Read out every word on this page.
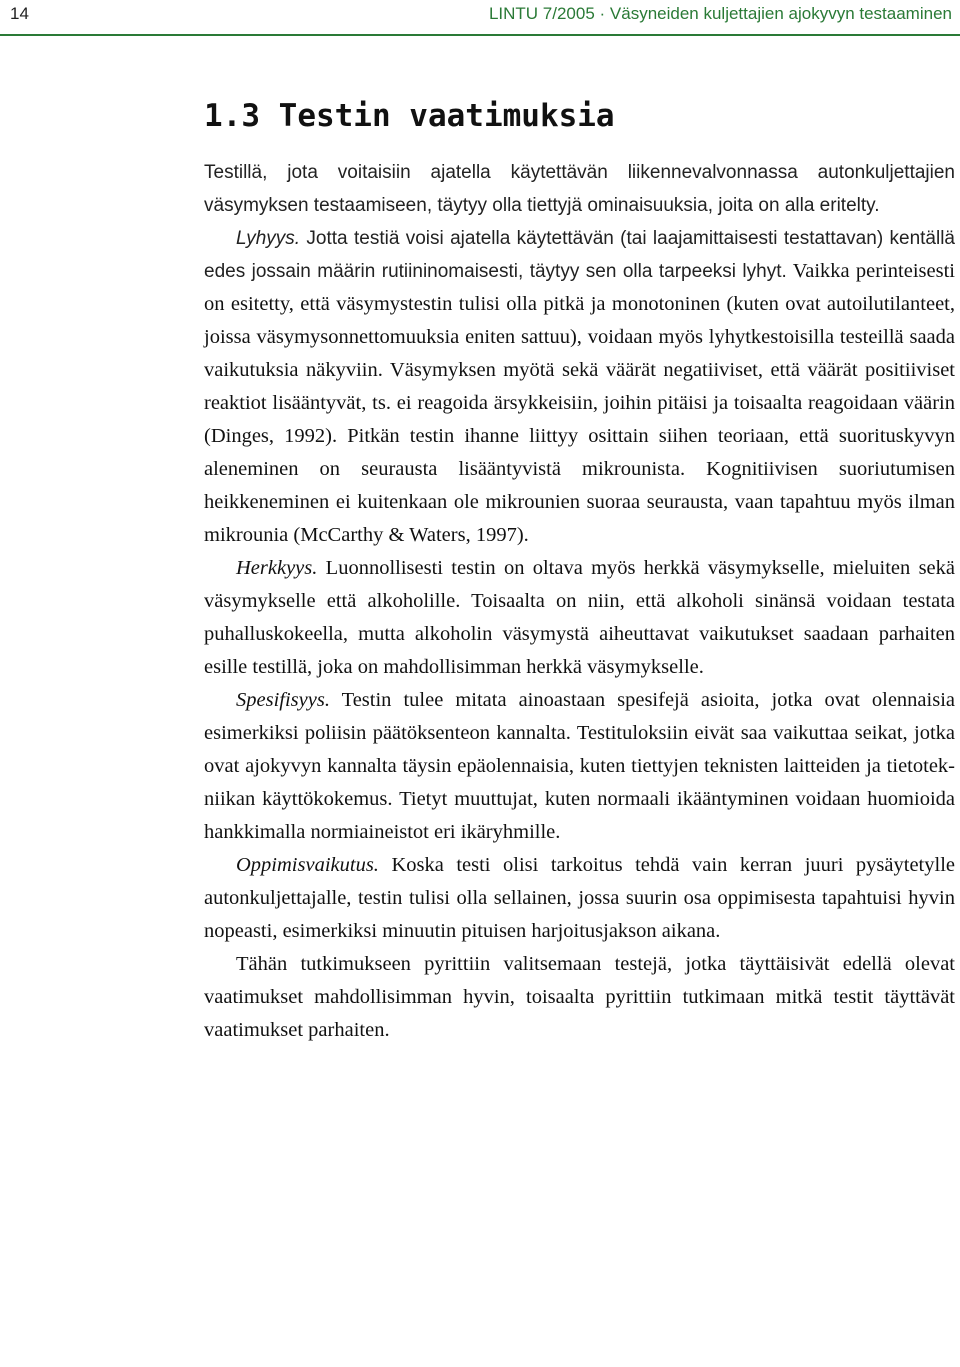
14	LINTU 7/2005 · Väsyneiden kuljettajien ajokyvyn testaaminen
1.3 Testin vaatimuksia

Testillä, jota voitaisiin ajatella käytettävän liikennevalvonnassa autonkuljettajien väsymyksen testaamiseen, täytyy olla tiettyjä ominaisuuksia, joita on alla eritelty.

Lyhyys. Jotta testiä voisi ajatella käytettävän (tai laajamittaisesti testattavan) kentällä edes jossain määrin rutiininomaisesti, täytyy sen olla tarpeeksi lyhyt. Vaikka perinteisesti on esitetty, että väsymystestin tulisi olla pitkä ja monotoninen (kuten ovat autoilutilanteet, joissa väsymysonnettomuuksia eniten sattuu), voidaan myös lyhytkestoisilla testeillä saada vaikutuksia näkyviin. Väsymyksen myötä sekä väärät negatiiviset, että väärät positiiviset reaktiot lisääntyvät, ts. ei reagoida ärsykkeisiin, joihin pitäisi ja toisaalta reagoidaan väärin (Dinges, 1992). Pitkän testin ihanne liittyy osittain siihen teoriaan, että suorituskyvyn aleneminen on seurausta lisääntyvistä mikrounista. Kognitiivisen suoriutumisen heikkeneminen ei kuitenkaan ole mikrounien suoraa seurausta, vaan tapahtuu myös ilman mikrounia (McCarthy & Waters, 1997).

Herkkyys. Luonnollisesti testin on oltava myös herkkä väsymykselle, mieluiten sekä väsymykselle että alkoholille. Toisaalta on niin, että alkoholi sinänsä voidaan testata puhalluskokeella, mutta alkoholin väsymystä aiheuttavat vaikutukset saadaan parhaiten esille testillä, joka on mahdollisimman herkkä väsymykselle.

Spesifisyys. Testin tulee mitata ainoastaan spesifejä asioita, jotka ovat olennaisia esimerkiksi poliisin päätöksenteon kannalta. Testituloksiin eivät saa vaikuttaa seikat, jotka ovat ajokyvyn kannalta täysin epäolennaisia, kuten tiettyjen teknisten laitteiden ja tietotekniikan käyttökokemus. Tietyt muuttujat, kuten normaali ikääntyminen voidaan huomioida hankkimalla normiaineistot eri ikäryhmille.

Oppimisvaikutus. Koska testi olisi tarkoitus tehdä vain kerran juuri pysäytetylle autonkuljettajalle, testin tulisi olla sellainen, jossa suurin osa oppimisesta tapahtuisi hyvin nopeasti, esimerkiksi minuutin pituisen harjoitusjakson aikana.

Tähän tutkimukseen pyrittiin valitsemaan testejä, jotka täyttäisivät edellä olevat vaatimukset mahdollisimman hyvin, toisaalta pyrittiin tutkimaan mitkä testit täyttävät vaatimukset parhaiten.
